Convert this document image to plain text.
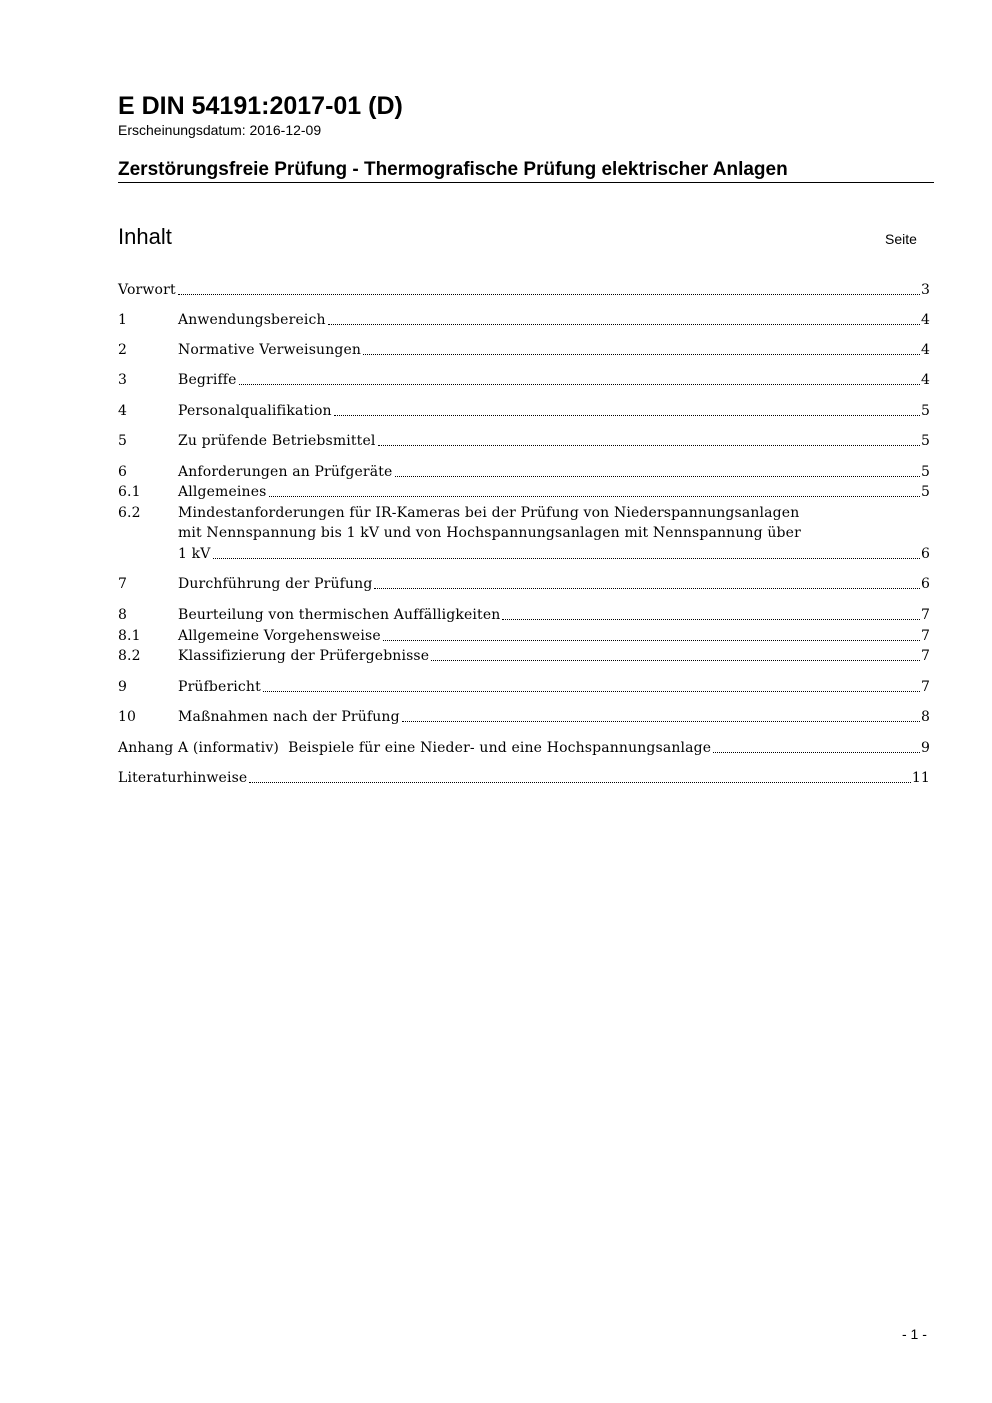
E DIN 54191:2017-01 (D)
Erscheinungsdatum: 2016-12-09
Zerstörungsfreie Prüfung - Thermografische Prüfung elektrischer Anlagen
Inhalt	Seite
Vorwort	3
1	Anwendungsbereich	4
2	Normative Verweisungen	4
3	Begriffe	4
4	Personalqualifikation	5
5	Zu prüfende Betriebsmittel	5
6	Anforderungen an Prüfgeräte	5
6.1	Allgemeines	5
6.2	Mindestanforderungen für IR-Kameras bei der Prüfung von Niederspannungsanlagen
mit Nennspannung bis 1 kV und von Hochspannungsanlagen mit Nennspannung über
1 kV	6
7	Durchführung der Prüfung	6
8	Beurteilung von thermischen Auffälligkeiten	7
8.1	Allgemeine Vorgehensweise	7
8.2	Klassifizierung der Prüfergebnisse	7
9	Prüfbericht	7
10	Maßnahmen nach der Prüfung	8
Anhang A (informativ)  Beispiele für eine Nieder- und eine Hochspannungsanlage	9
Literaturhinweise	11
- 1 -
